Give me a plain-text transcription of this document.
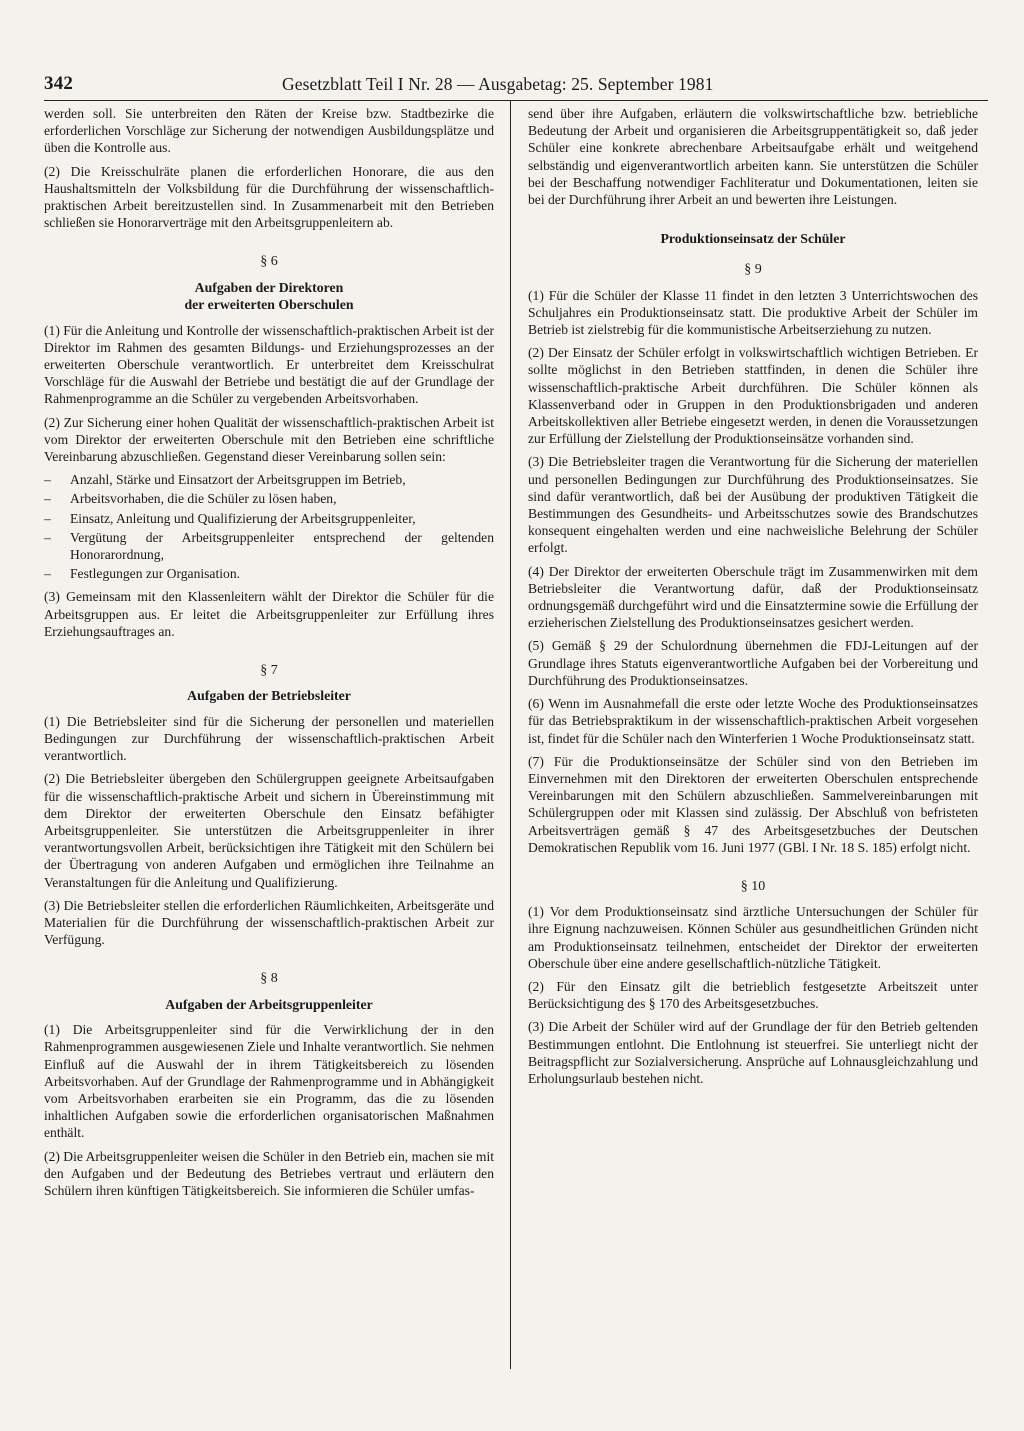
342	Gesetzblatt Teil I Nr. 28 — Ausgabetag: 25. September 1981

werden soll. Sie unterbreiten den Räten der Kreise bzw. Stadtbezirke die erforderlichen Vorschläge zur Sicherung der notwendigen Ausbildungsplätze und üben die Kontrolle aus.

(2) Die Kreisschulräte planen die erforderlichen Honorare, die aus den Haushaltsmitteln der Volksbildung für die Durchführung der wissenschaftlich-praktischen Arbeit bereitzustellen sind. In Zusammenarbeit mit den Betrieben schließen sie Honorarverträge mit den Arbeitsgruppenleitern ab.

§ 6
Aufgaben der Direktoren
der erweiterten Oberschulen

(1) Für die Anleitung und Kontrolle der wissenschaftlich-praktischen Arbeit ist der Direktor im Rahmen des gesamten Bildungs- und Erziehungsprozesses an der erweiterten Oberschule verantwortlich. Er unterbreitet dem Kreisschulrat Vorschläge für die Auswahl der Betriebe und bestätigt die auf der Grundlage der Rahmenprogramme an die Schüler zu vergebenden Arbeitsvorhaben.

(2) Zur Sicherung einer hohen Qualität der wissenschaftlich-praktischen Arbeit ist vom Direktor der erweiterten Oberschule mit den Betrieben eine schriftliche Vereinbarung abzuschließen. Gegenstand dieser Vereinbarung sollen sein:

– Anzahl, Stärke und Einsatzort der Arbeitsgruppen im Betrieb,
– Arbeitsvorhaben, die die Schüler zu lösen haben,
– Einsatz, Anleitung und Qualifizierung der Arbeitsgruppenleiter,
– Vergütung der Arbeitsgruppenleiter entsprechend der geltenden Honorarordnung,
– Festlegungen zur Organisation.

(3) Gemeinsam mit den Klassenleitern wählt der Direktor die Schüler für die Arbeitsgruppen aus. Er leitet die Arbeitsgruppenleiter zur Erfüllung ihres Erziehungsauftrages an.

§ 7
Aufgaben der Betriebsleiter

(1) Die Betriebsleiter sind für die Sicherung der personellen und materiellen Bedingungen zur Durchführung der wissenschaftlich-praktischen Arbeit verantwortlich.

(2) Die Betriebsleiter übergeben den Schülergruppen geeignete Arbeitsaufgaben für die wissenschaftlich-praktische Arbeit und sichern in Übereinstimmung mit dem Direktor der erweiterten Oberschule den Einsatz befähigter Arbeitsgruppenleiter. Sie unterstützen die Arbeitsgruppenleiter in ihrer verantwortungsvollen Arbeit, berücksichtigen ihre Tätigkeit mit den Schülern bei der Übertragung von anderen Aufgaben und ermöglichen ihre Teilnahme an Veranstaltungen für die Anleitung und Qualifizierung.

(3) Die Betriebsleiter stellen die erforderlichen Räumlichkeiten, Arbeitsgeräte und Materialien für die Durchführung der wissenschaftlich-praktischen Arbeit zur Verfügung.

§ 8
Aufgaben der Arbeitsgruppenleiter

(1) Die Arbeitsgruppenleiter sind für die Verwirklichung der in den Rahmenprogrammen ausgewiesenen Ziele und Inhalte verantwortlich. Sie nehmen Einfluß auf die Auswahl der in ihrem Tätigkeitsbereich zu lösenden Arbeitsvorhaben. Auf der Grundlage der Rahmenprogramme und in Abhängigkeit vom Arbeitsvorhaben erarbeiten sie ein Programm, das die zu lösenden inhaltlichen Aufgaben sowie die erforderlichen organisatorischen Maßnahmen enthält.

(2) Die Arbeitsgruppenleiter weisen die Schüler in den Betrieb ein, machen sie mit den Aufgaben und der Bedeutung des Betriebes vertraut und erläutern den Schülern ihren künftigen Tätigkeitsbereich. Sie informieren die Schüler umfas-

send über ihre Aufgaben, erläutern die volkswirtschaftliche bzw. betriebliche Bedeutung der Arbeit und organisieren die Arbeitsgruppentätigkeit so, daß jeder Schüler eine konkrete abrechenbare Arbeitsaufgabe erhält und weitgehend selbständig und eigenverantwortlich arbeiten kann. Sie unterstützen die Schüler bei der Beschaffung notwendiger Fachliteratur und Dokumentationen, leiten sie bei der Durchführung ihrer Arbeit an und bewerten ihre Leistungen.

Produktionseinsatz der Schüler
§ 9

(1) Für die Schüler der Klasse 11 findet in den letzten 3 Unterrichtswochen des Schuljahres ein Produktionseinsatz statt. Die produktive Arbeit der Schüler im Betrieb ist zielstrebig für die kommunistische Arbeitserziehung zu nutzen.

(2) Der Einsatz der Schüler erfolgt in volkswirtschaftlich wichtigen Betrieben. Er sollte möglichst in den Betrieben stattfinden, in denen die Schüler ihre wissenschaftlich-praktische Arbeit durchführen. Die Schüler können als Klassenverband oder in Gruppen in den Produktionsbrigaden und anderen Arbeitskollektiven aller Betriebe eingesetzt werden, in denen die Voraussetzungen zur Erfüllung der Zielstellung der Produktionseinsätze vorhanden sind.

(3) Die Betriebsleiter tragen die Verantwortung für die Sicherung der materiellen und personellen Bedingungen zur Durchführung des Produktionseinsatzes. Sie sind dafür verantwortlich, daß bei der Ausübung der produktiven Tätigkeit die Bestimmungen des Gesundheits- und Arbeitsschutzes sowie des Brandschutzes konsequent eingehalten werden und eine nachweisliche Belehrung der Schüler erfolgt.

(4) Der Direktor der erweiterten Oberschule trägt im Zusammenwirken mit dem Betriebsleiter die Verantwortung dafür, daß der Produktionseinsatz ordnungsgemäß durchgeführt wird und die Einsatztermine sowie die Erfüllung der erzieherischen Zielstellung des Produktionseinsatzes gesichert werden.

(5) Gemäß § 29 der Schulordnung übernehmen die FDJ-Leitungen auf der Grundlage ihres Statuts eigenverantwortliche Aufgaben bei der Vorbereitung und Durchführung des Produktionseinsatzes.

(6) Wenn im Ausnahmefall die erste oder letzte Woche des Produktionseinsatzes für das Betriebspraktikum in der wissenschaftlich-praktischen Arbeit vorgesehen ist, findet für die Schüler nach den Winterferien 1 Woche Produktionseinsatz statt.

(7) Für die Produktionseinsätze der Schüler sind von den Betrieben im Einvernehmen mit den Direktoren der erweiterten Oberschulen entsprechende Vereinbarungen mit den Schülern abzuschließen. Sammelvereinbarungen mit Schülergruppen oder mit Klassen sind zulässig. Der Abschluß von befristeten Arbeitsverträgen gemäß § 47 des Arbeitsgesetzbuches der Deutschen Demokratischen Republik vom 16. Juni 1977 (GBl. I Nr. 18 S. 185) erfolgt nicht.

§ 10

(1) Vor dem Produktionseinsatz sind ärztliche Untersuchungen der Schüler für ihre Eignung nachzuweisen. Können Schüler aus gesundheitlichen Gründen nicht am Produktionseinsatz teilnehmen, entscheidet der Direktor der erweiterten Oberschule über eine andere gesellschaftlich-nützliche Tätigkeit.

(2) Für den Einsatz gilt die betrieblich festgesetzte Arbeitszeit unter Berücksichtigung des § 170 des Arbeitsgesetzbuches.

(3) Die Arbeit der Schüler wird auf der Grundlage der für den Betrieb geltenden Bestimmungen entlohnt. Die Entlohnung ist steuerfrei. Sie unterliegt nicht der Beitragspflicht zur Sozialversicherung. Ansprüche auf Lohnausgleichzahlung und Erholungsurlaub bestehen nicht.
